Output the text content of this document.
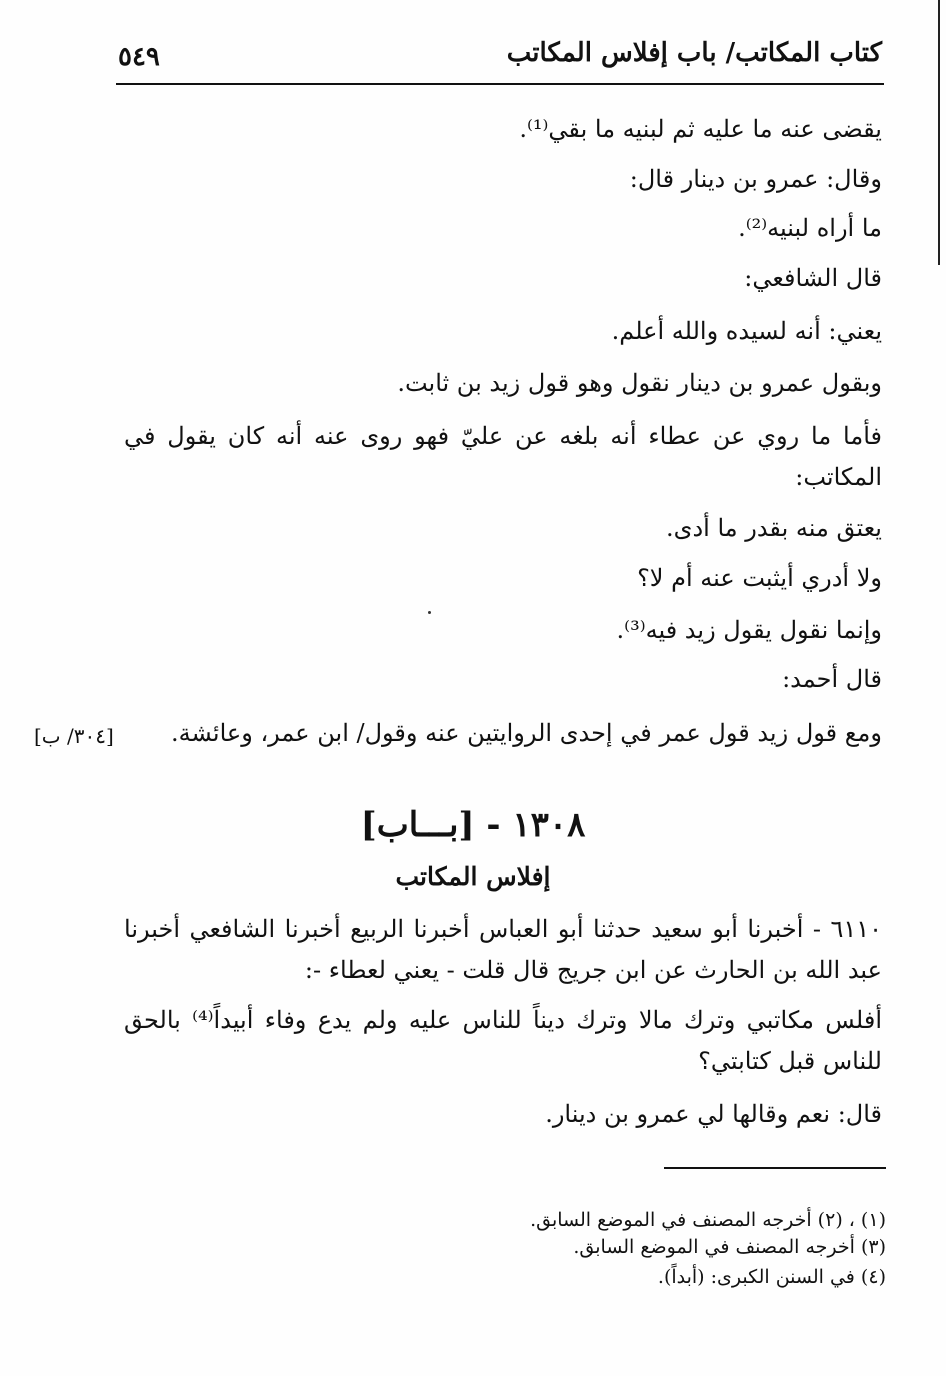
كتاب المكاتب/ باب إفلاس المكاتب
٥٤٩
يقضى عنه ما عليه ثم لبنيه ما بقي⁽¹⁾.
وقال: عمرو بن دينار قال:
ما أراه لبنيه⁽²⁾.
قال الشافعي:
يعني: أنه لسيده والله أعلم.
وبقول عمرو بن دينار نقول وهو قول زيد بن ثابت.
فأما ما روي عن عطاء أنه بلغه عن عليّ فهو روى عنه أنه كان يقول في
المكاتب:
يعتق منه بقدر ما أدى.
ولا أدري أيثبت عنه أم لا؟
وإنما نقول يقول زيد فيه⁽³⁾.
قال أحمد:
ومع قول زيد قول عمر في إحدى الروايتين عنه وقول/ ابن عمر، وعائشة.
[٣٠٤/ ب]
١٣٠٨ - [بـــاب]
إفلاس المكاتب
٦١١٠ - أخبرنا أبو سعيد حدثنا أبو العباس أخبرنا الربيع أخبرنا الشافعي أخبرنا
عبد الله بن الحارث عن ابن جريج قال قلت - يعني لعطاء -:
أفلس مكاتبي وترك مالا وترك ديناً للناس عليه ولم يدع وفاء أبيداً⁽⁴⁾ بالحق
للناس قبل كتابتي؟
قال: نعم وقالها لي عمرو بن دينار.
(١) ، (٢) أخرجه المصنف في الموضع السابق.
(٣) أخرجه المصنف في الموضع السابق.
(٤) في السنن الكبرى: (أبداً).
